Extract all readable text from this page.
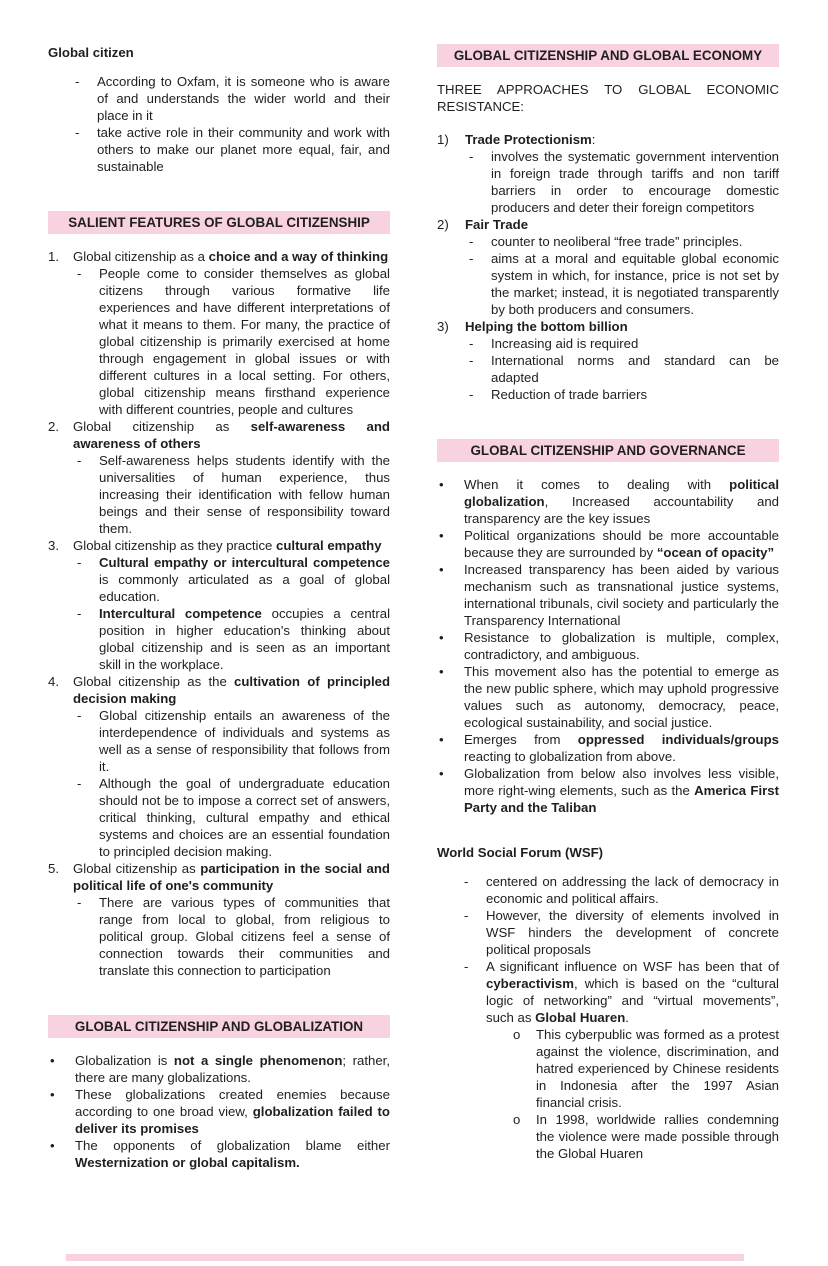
Global citizen
-	According to Oxfam, it is someone who is aware of and understands the wider world and their place in it
-	take active role in their community and work with others to make our planet more equal, fair, and sustainable
SALIENT FEATURES OF GLOBAL CITIZENSHIP
1.	Global citizenship as a choice and a way of thinking
-	People come to consider themselves as global citizens through various formative life experiences and have different interpretations of what it means to them. For many, the practice of global citizenship is primarily exercised at home through engagement in global issues or with different cultures in a local setting. For others, global citizenship means firsthand experience with different countries, people and cultures
2.	Global citizenship as self-awareness and awareness of others
-	Self-awareness helps students identify with the universalities of human experience, thus increasing their identification with fellow human beings and their sense of responsibility toward them.
3.	Global citizenship as they practice cultural empathy
-	Cultural empathy or intercultural competence is commonly articulated as a goal of global education.
-	Intercultural competence occupies a central position in higher education's thinking about global citizenship and is seen as an important skill in the workplace.
4.	Global citizenship as the cultivation of principled decision making
-	Global citizenship entails an awareness of the interdependence of individuals and systems as well as a sense of responsibility that follows from it.
-	Although the goal of undergraduate education should not be to impose a correct set of answers, critical thinking, cultural empathy and ethical systems and choices are an essential foundation to principled decision making.
5.	Global citizenship as participation in the social and political life of one's community
-	There are various types of communities that range from local to global, from religious to political group. Global citizens feel a sense of connection towards their communities and translate this connection to participation
GLOBAL CITIZENSHIP AND GLOBALIZATION
•	Globalization is not a single phenomenon; rather, there are many globalizations.
•	These globalizations created enemies because according to one broad view, globalization failed to deliver its promises
•	The opponents of globalization blame either Westernization or global capitalism.
GLOBAL CITIZENSHIP AND GLOBAL ECONOMY

THREE APPROACHES TO GLOBAL ECONOMIC RESISTANCE:

1)	Trade Protectionism:
-	involves the systematic government intervention in foreign trade through tariffs and non tariff barriers in order to encourage domestic producers and deter their foreign competitors
2)	Fair Trade
-	counter to neoliberal “free trade” principles.
-	aims at a moral and equitable global economic system in which, for instance, price is not set by the market; instead, it is negotiated transparently by both producers and consumers.
3)	Helping the bottom billion
-	Increasing aid is required
-	International norms and standard can be adapted
-	Reduction of trade barriers
GLOBAL CITIZENSHIP AND GOVERNANCE
•	When it comes to dealing with political globalization, Increased accountability and transparency are the key issues
•	Political organizations should be more accountable because they are surrounded by “ocean of opacity”
•	Increased transparency has been aided by various mechanism such as transnational justice systems, international tribunals, civil society and particularly the Transparency International
•	Resistance to globalization is multiple, complex, contradictory, and ambiguous.
•	This movement also has the potential to emerge as the new public sphere, which may uphold progressive values such as autonomy, democracy, peace, ecological sustainability, and social justice.
•	Emerges from oppressed individuals/groups reacting to globalization from above.
•	Globalization from below also involves less visible, more right-wing elements, such as the America First Party and the Taliban
World Social Forum (WSF)
-	centered on addressing the lack of democracy in economic and political affairs.
-	However, the diversity of elements involved in WSF hinders the development of concrete political proposals
-	A significant influence on WSF has been that of cyberactivism, which is based on the “cultural logic of networking” and “virtual movements”, such as Global Huaren.
o	This cyberpublic was formed as a protest against the violence, discrimination, and hatred experienced by Chinese residents in Indonesia after the 1997 Asian financial crisis.
o	In 1998, worldwide rallies condemning the violence were made possible through the Global Huaren
